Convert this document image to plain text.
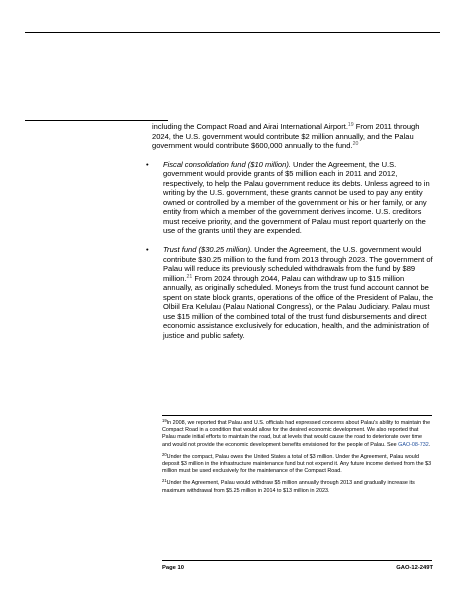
including the Compact Road and Airai International Airport.$^{19}$ From 2011 through 2024, the U.S. government would contribute $2 million annually, and the Palau government would contribute $600,000 annually to the fund.$^{20}$

• Fiscal consolidation fund ($10 million). Under the Agreement, the U.S. government would provide grants of $5 million each in 2011 and 2012, respectively, to help the Palau government reduce its debts. Unless agreed to in writing by the U.S. government, these grants cannot be used to pay any entity owned or controlled by a member of the government or his or her family, or any entity from which a member of the government derives income. U.S. creditors must receive priority, and the government of Palau must report quarterly on the use of the grants until they are expended.
• Trust fund ($30.25 million). Under the Agreement, the U.S. government would contribute $30.25 million to the fund from 2013 through 2023. The government of Palau will reduce its previously scheduled withdrawals from the fund by $89 million.$^{21}$ From 2024 through 2044, Palau can withdraw up to $15 million annually, as originally scheduled. Moneys from the trust fund account cannot be spent on state block grants, operations of the office of the President of Palau, the Olbiil Era Kelulau (Palau National Congress), or the Palau Judiciary. Palau must use $15 million of the combined total of the trust fund disbursements and direct economic assistance exclusively for education, health, and the administration of justice and public safety.

$^{19}$In 2008, we reported that Palau and U.S. officials had expressed concerns about Palau's ability to maintain the Compact Road in a condition that would allow for the desired economic development. We also reported that Palau made initial efforts to maintain the road, but at levels that would cause the road to deteriorate over time and would not provide the economic development benefits envisioned for the people of Palau. See GAO-08-732.

$^{20}$Under the compact, Palau owes the United States a total of $3 million. Under the Agreement, Palau would deposit $3 million in the infrastructure maintenance fund but not expend it. Any future income derived from the $3 million must be used exclusively for the maintenance of the Compact Road.

$^{21}$Under the Agreement, Palau would withdraw $5 million annually through 2013 and gradually increase its maximum withdrawal from $5.25 million in 2014 to $13 million in 2023.

Page 10	GAO-12-249T
